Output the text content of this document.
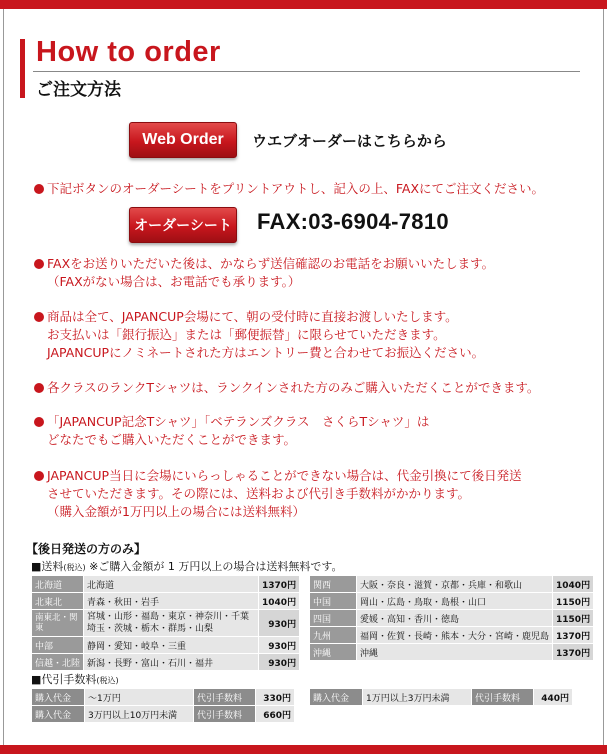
How to order
ご注文方法
Web Order	ウエブオーダーはこちらから
下記ボタンのオーダーシートをプリントアウトし、記入の上、FAXにてご注文ください。
オーダーシート FAX:03-6904-7810
FAXをお送りいただいた後は、かならず送信確認のお電話をお願いいたします。
（FAXがない場合は、お電話でも承ります。）
商品は全て、JAPANCUP会場にて、朝の受付時に直接お渡しいたします。
お支払いは「銀行振込」または「郵便振替」に限らせていただきます。
JAPANCUPにノミネートされた方はエントリー費と合わせてお振込ください。
各クラスのランクTシャツは、ランクインされた方のみご購入いただくことができます。
「JAPANCUP記念Tシャツ」「ベテランズクラス　さくらTシャツ」は
どなたでもご購入いただくことができます。
JAPANCUP当日に会場にいらっしゃることができない場合は、代金引換にて後日発送
させていただきます。その際には、送料および代引き手数料がかかります。
（購入金額が1万円以上の場合には送料無料）
【後日発送の方のみ】
■送料(税込) ※ご購入金額が 1 万円以上の場合は送料無料です。
北海道	北海道	1370円
北東北	青森・秋田・岩手	1040円
南東北・関東	宮城・山形・福島・東京・神奈川・千葉 埼玉・茨城・栃木・群馬・山梨	930円
中部	静岡・愛知・岐阜・三重	930円
信越・北陸	新潟・長野・富山・石川・福井	930円
関西	大阪・奈良・滋賀・京都・兵庫・和歌山	1040円
中国	岡山・広島・鳥取・島根・山口	1150円
四国	愛媛・高知・香川・徳島	1150円
九州	福岡・佐賀・長崎・熊本・大分・宮崎・鹿児島	1370円
沖縄	沖縄	1370円
■代引手数料(税込)
購入代金	〜1万円	代引手数料	330円
購入代金	3万円以上10万円未満	代引手数料	660円
購入代金	1万円以上3万円未満	代引手数料	440円
